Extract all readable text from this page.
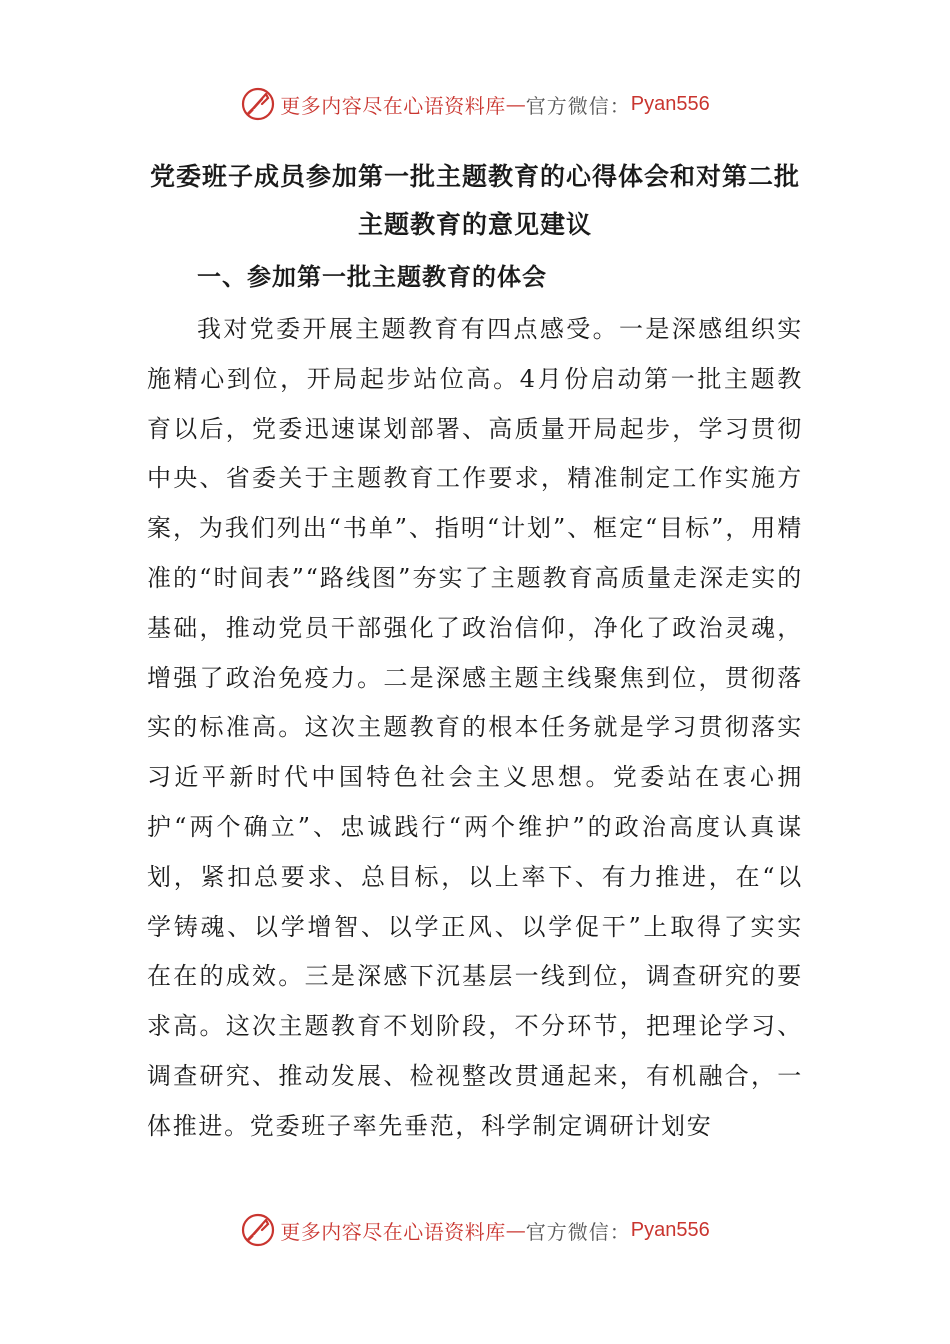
更多内容尽在心语资料库 — 官方微信： Pyan556
党委班子成员参加第一批主题教育的心得体会和对第二批
主题教育的意见建议
一、参加第一批主题教育的体会

我对党委开展主题教育有四点感受。一是深感组织实施精心到位，开局起步站位高。4月份启动第一批主题教育以后，党委迅速谋划部署、高质量开局起步，学习贯彻中央、省委关于主题教育工作要求，精准制定工作实施方案，为我们列出“书单”、指明“计划”、框定“目标”，用精准的“时间表”“路线图”夯实了主题教育高质量走深走实的基础，推动党员干部强化了政治信仰，净化了政治灵魂，增强了政治免疫力。二是深感主题主线聚焦到位，贯彻落实的标准高。这次主题教育的根本任务就是学习贯彻落实习近平新时代中国特色社会主义思想。党委站在衷心拥护“两个确立”、忠诚践行“两个维护”的政治高度认真谋划，紧扣总要求、总目标，以上率下、有力推进，在“以学铸魂、以学增智、以学正风、以学促干”上取得了实实在在的成效。三是深感下沉基层一线到位，调查研究的要求高。这次主题教育不划阶段，不分环节，把理论学习、调查研究、推动发展、检视整改贯通起来，有机融合，一体推进。党委班子率先垂范，科学制定调研计划安

更多内容尽在心语资料库 — 官方微信： Pyan556
